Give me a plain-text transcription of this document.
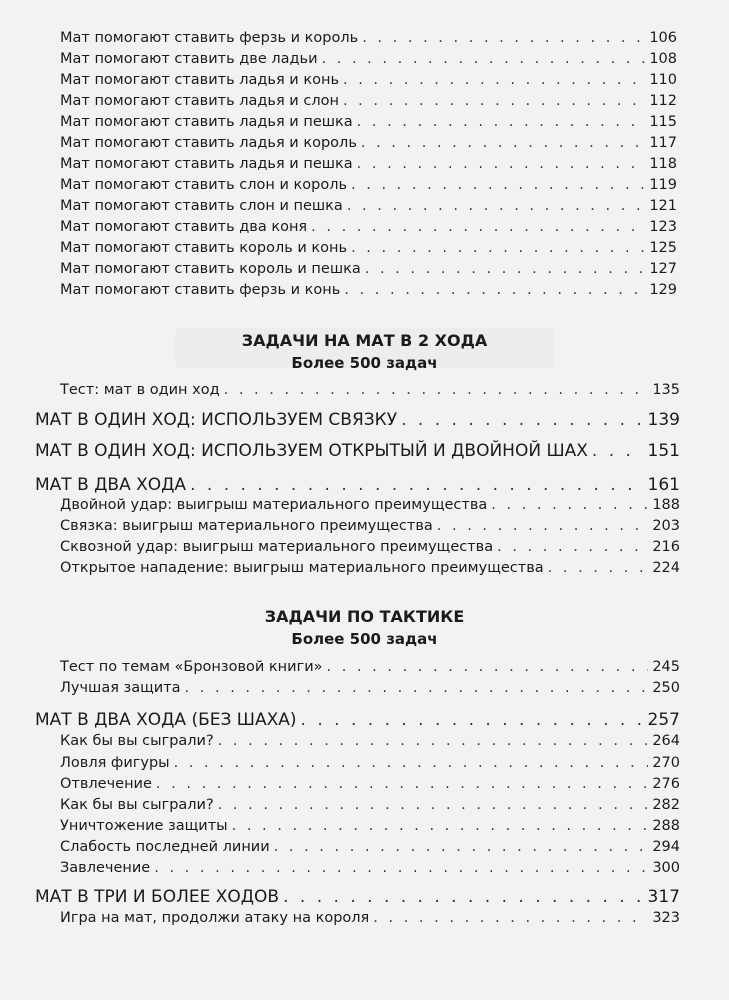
Мат помогают ставить ферзь и король . . .	106
Мат помогают ставить две ладьи . . .	108
Мат помогают ставить ладья и конь . . .	110
Мат помогают ставить ладья и слон . . .	112
Мат помогают ставить ладья и пешка . . .	115
Мат помогают ставить ладья и король . . .	117
Мат помогают ставить ладья и пешка . . .	118
Мат помогают ставить слон и король . . .	119
Мат помогают ставить слон и пешка . . .	121
Мат помогают ставить два коня . . .	123
Мат помогают ставить король и конь . . .	125
Мат помогают ставить король и пешка . . .	127
Мат помогают ставить ферзь и конь . . .	129
ЗАДАЧИ НА МАТ В 2 ХОДА
Более 500 задач
Тест: мат в один ход . . .	135
МАТ В ОДИН ХОД: ИСПОЛЬЗУЕМ СВЯЗКУ . . .	139
МАТ В ОДИН ХОД: ИСПОЛЬЗУЕМ ОТКРЫТЫЙ И ДВОЙНОЙ ШАХ . . .	151
МАТ В ДВА ХОДА . . .	161
Двойной удар: выигрыш материального преимущества . . .	188
Связка: выигрыш материального преимущества . . .	203
Сквозной удар: выигрыш материального преимущества . . .	216
Открытое нападение: выигрыш материального преимущества . . .	224
ЗАДАЧИ ПО ТАКТИКЕ
Более 500 задач
Тест по темам «Бронзовой книги» . . .	245
Лучшая защита . . .	250
МАТ В ДВА ХОДА (БЕЗ ШАХА) . . .	257
Как бы вы сыграли? . . .	264
Ловля фигуры . . .	270
Отвлечение . . .	276
Как бы вы сыграли? . . .	282
Уничтожение защиты . . .	288
Слабость последней линии . . .	294
Завлечение . . .	300
МАТ В ТРИ И БОЛЕЕ ХОДОВ . . .	317
Игра на мат, продолжи атаку на короля . . .	323
